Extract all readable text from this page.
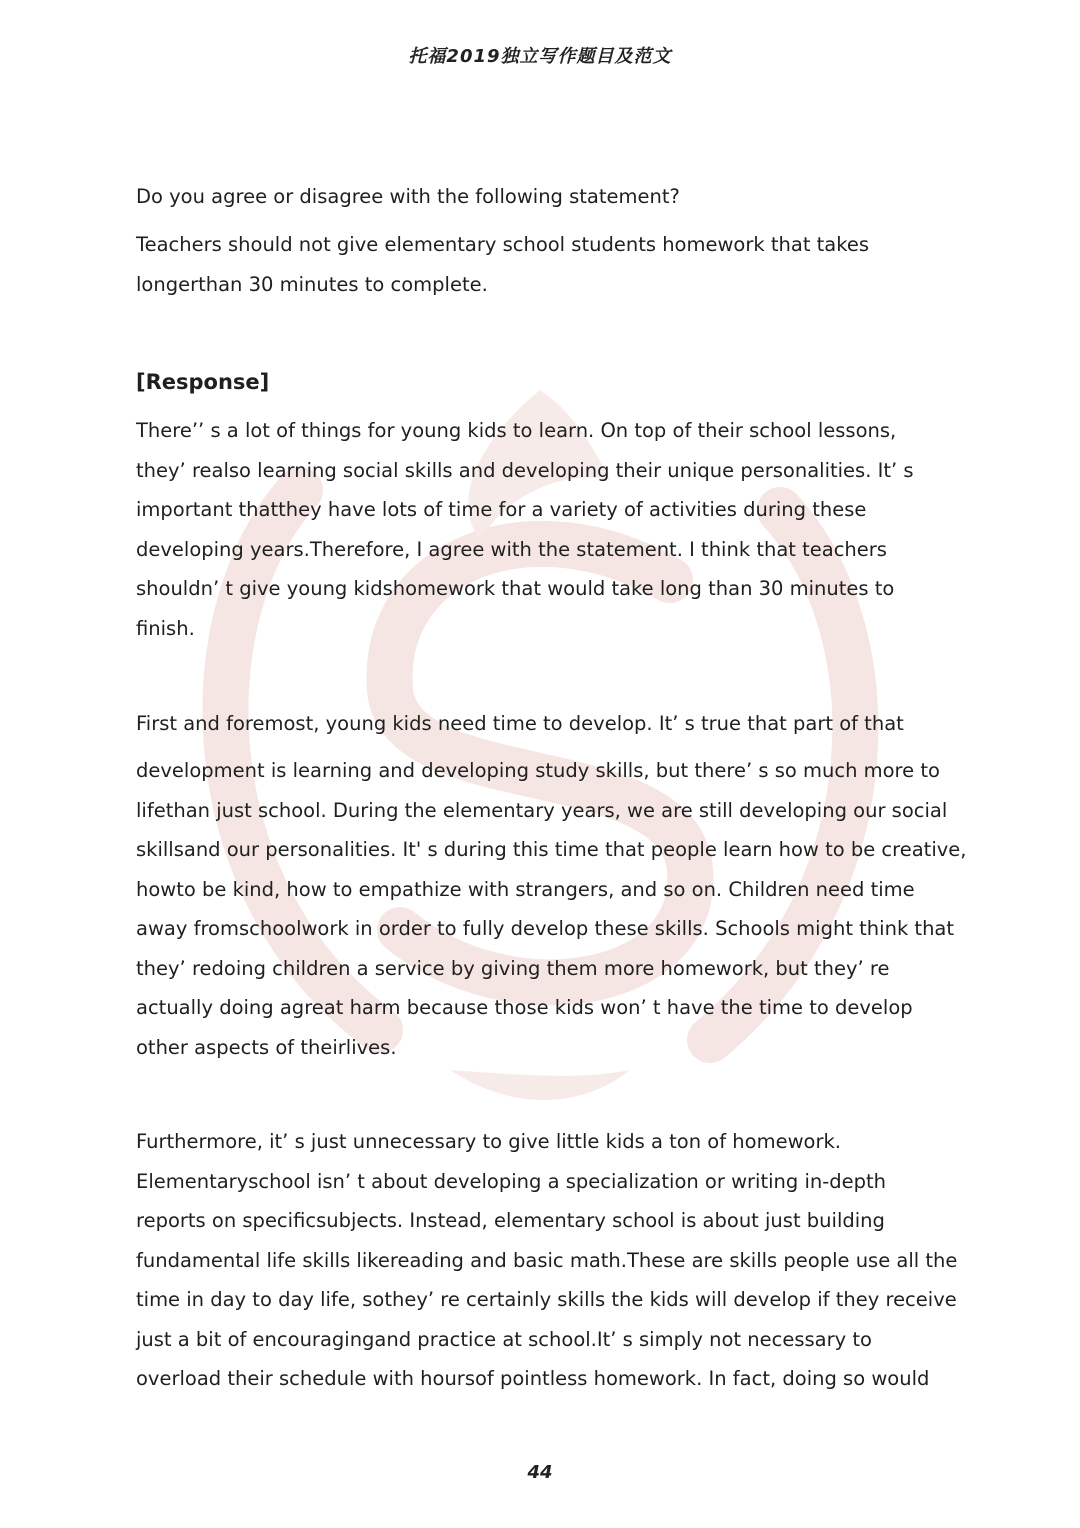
托福2019独立写作题目及范文

Do you agree or disagree with the following statement?

Teachers should not give elementary school students homework that takes

longerthan 30 minutes to complete.

[Response]

There’’ s a lot of things for young kids to learn. On top of their school lessons,

they’ realso learning social skills and developing their unique personalities. It’ s

important thatthey have lots of time for a variety of activities during these

developing years.Therefore, I agree with the statement. I think that teachers

shouldn’ t give young kidshomework that would take long than 30 minutes to

finish.

First and foremost, young kids need time to develop. It’ s true that part of that

development is learning and developing study skills, but there’ s so much more to

lifethan just school. During the elementary years, we are still developing our social

skillsand our personalities. It' s during this time that people learn how to be creative,

howto be kind, how to empathize with strangers, and so on. Children need time

away fromschoolwork in order to fully develop these skills. Schools might think that

they’ redoing children a service by giving them more homework, but they’ re

actually doing agreat harm because those kids won’ t have the time to develop

other aspects of theirlives.

Furthermore, it’ s just unnecessary to give little kids a ton of homework.

Elementaryschool isn’ t about developing a specialization or writing in-depth

reports on specificsubjects. Instead, elementary school is about just building

fundamental life skills likereading and basic math.These are skills people use all the

time in day to day life, sothey’ re certainly skills the kids will develop if they receive

just a bit of encouragingand practice at school.It’ s simply not necessary to

overload their schedule with hoursof pointless homework. In fact, doing so would

44
